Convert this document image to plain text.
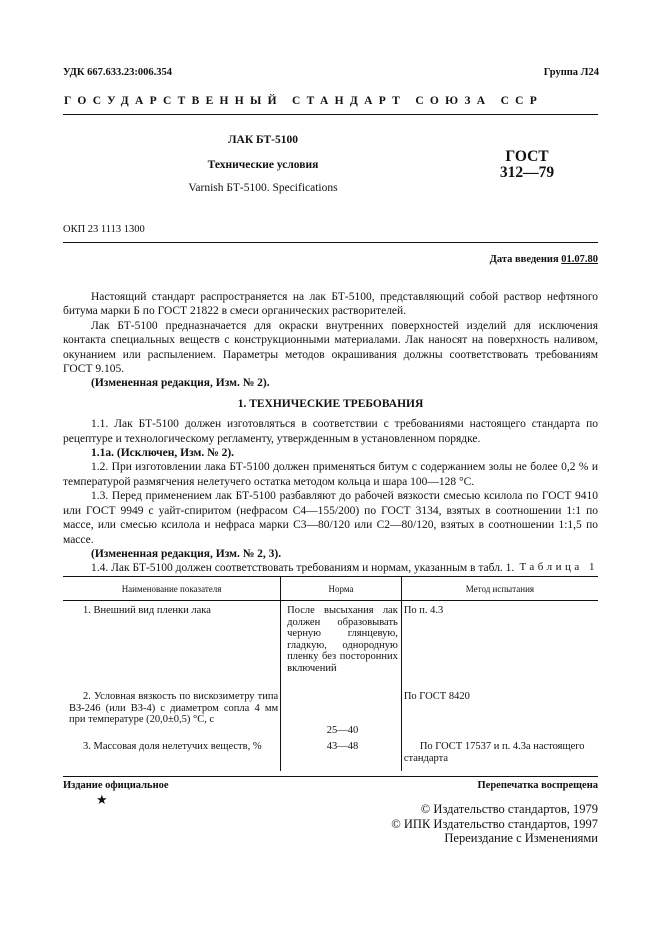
УДК 667.633.23:006.354	Группа Л24
ГОСУДАРСТВЕННЫЙ СТАНДАРТ СОЮЗА ССР
ЛАК БТ-5100
Технические условия
Varnish БТ-5100. Specifications
ГОСТ
312—79
ОКП 23 1113 1300
Дата введения 01.07.80

Настоящий стандарт распространяется на лак БТ-5100, представляющий собой раствор нефтяного битума марки Б по ГОСТ 21822 в смеси органических растворителей.

Лак БТ-5100 предназначается для окраски внутренних поверхностей изделий для исключения контакта специальных веществ с конструкционными материалами. Лак наносят на поверхность наливом, окунанием или распылением. Параметры методов окрашивания должны соответствовать требованиям ГОСТ 9.105.

(Измененная редакция, Изм. № 2).

1. ТЕХНИЧЕСКИЕ ТРЕБОВАНИЯ

1.1. Лак БТ-5100 должен изготовляться в соответствии с требованиями настоящего стандарта по рецептуре и технологическому регламенту, утвержденным в установленном порядке.

1.1а. (Исключен, Изм. № 2).

1.2. При изготовлении лака БТ-5100 должен применяться битум с содержанием золы не более 0,2 % и температурой размягчения нелетучего остатка методом кольца и шара 100—128 °С.

1.3. Перед применением лак БТ-5100 разбавляют до рабочей вязкости смесью ксилола по ГОСТ 9410 или ГОСТ 9949 с уайт-спиритом (нефрасом С4—155/200) по ГОСТ 3134, взятых в соотношении 1:1 по массе, или смесью ксилола и нефраса марки С3—80/120 или С2—80/120, взятых в соотношении 1:1,5 по массе.

(Измененная редакция, Изм. № 2, 3).

1.4. Лак БТ-5100 должен соответствовать требованиям и нормам, указанным в табл. 1. Таблица 1
Наименование показателя	Норма	Метод испытания
1. Внешний вид пленки лака	После высыхания лак должен образовывать черную глянцевую, гладкую, однородную пленку без посторонних включений	По п. 4.3
2. Условная вязкость по вискозиметру типа ВЗ-246 (или ВЗ-4) с диаметром сопла 4 мм при температуре (20,0±0,5) °С, с	25—40	По ГОСТ 8420
3. Массовая доля нелетучих веществ, %	43—48	По ГОСТ 17537 и п. 4.3а настоящего стандарта
Издание официальное
★
Перепечатка воспрещена
© Издательство стандартов, 1979
© ИПК Издательство стандартов, 1997
Переиздание с Изменениями
